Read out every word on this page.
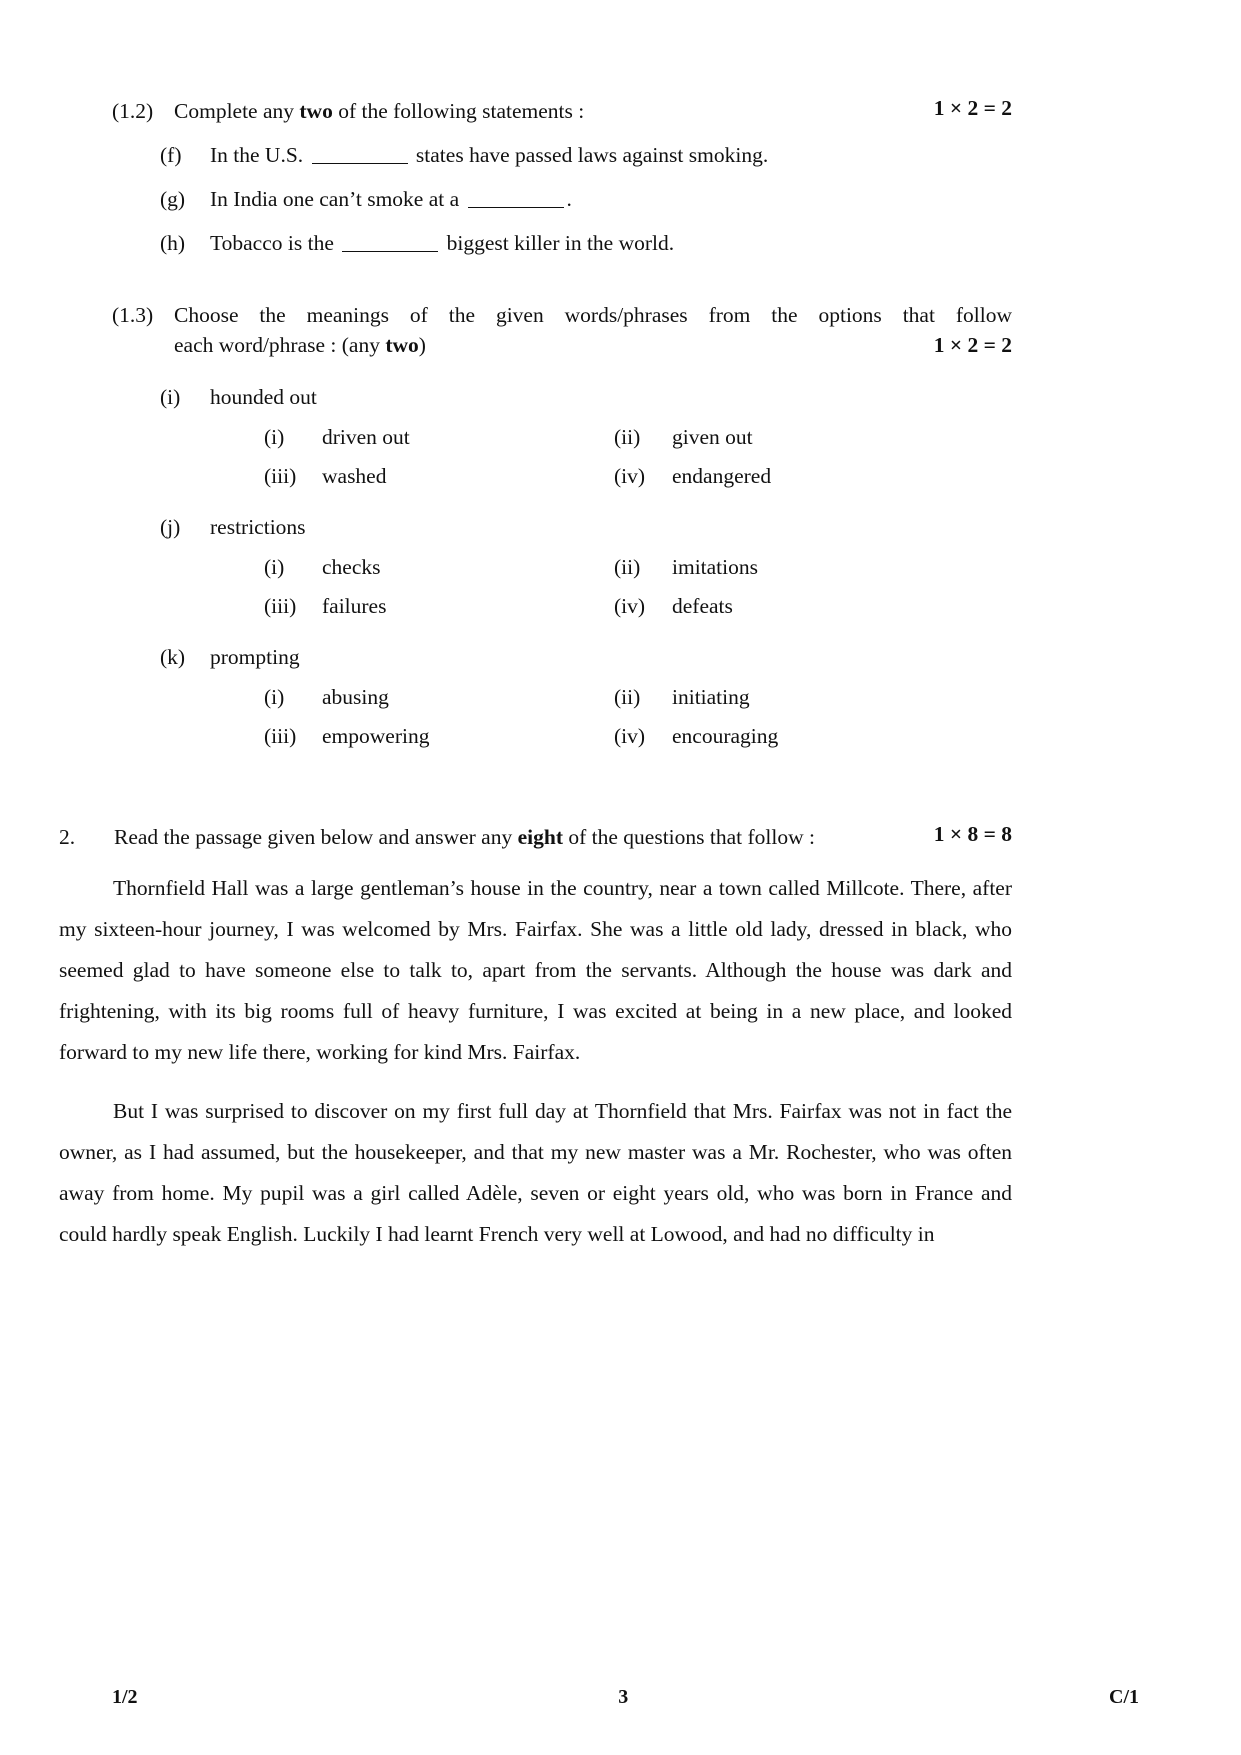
(1.2) Complete any two of the following statements :	1 × 2 = 2
(f)	In the U.S.	states have passed laws against smoking.
(g)	In India one can’t smoke at a	.
(h)	Tobacco is the	biggest killer in the world.
(1.3) Choose the meanings of the given words/phrases from the options that follow
each word/phrase : (any two)	1 × 2 = 2
(i)	hounded out
(i)	driven out	(ii)	given out
(iii)	washed	(iv)	endangered
(j)	restrictions
(i)	checks	(ii)	imitations
(iii)	failures	(iv)	defeats
(k)	prompting
(i)	abusing	(ii)	initiating
(iii)	empowering	(iv)	encouraging
2.	Read the passage given below and answer any eight of the questions that follow :	1 × 8 = 8
Thornfield Hall was a large gentleman’s house in the country, near a town called Millcote. There, after my sixteen-hour journey, I was welcomed by Mrs. Fairfax. She was a little old lady, dressed in black, who seemed glad to have someone else to talk to, apart from the servants. Although the house was dark and frightening, with its big rooms full of heavy furniture, I was excited at being in a new place, and looked forward to my new life there, working for kind Mrs. Fairfax.
But I was surprised to discover on my first full day at Thornfield that Mrs. Fairfax was not in fact the owner, as I had assumed, but the housekeeper, and that my new master was a Mr. Rochester, who was often away from home. My pupil was a girl called Adèle, seven or eight years old, who was born in France and could hardly speak English. Luckily I had learnt French very well at Lowood, and had no difficulty in
1/2	3	C/1
